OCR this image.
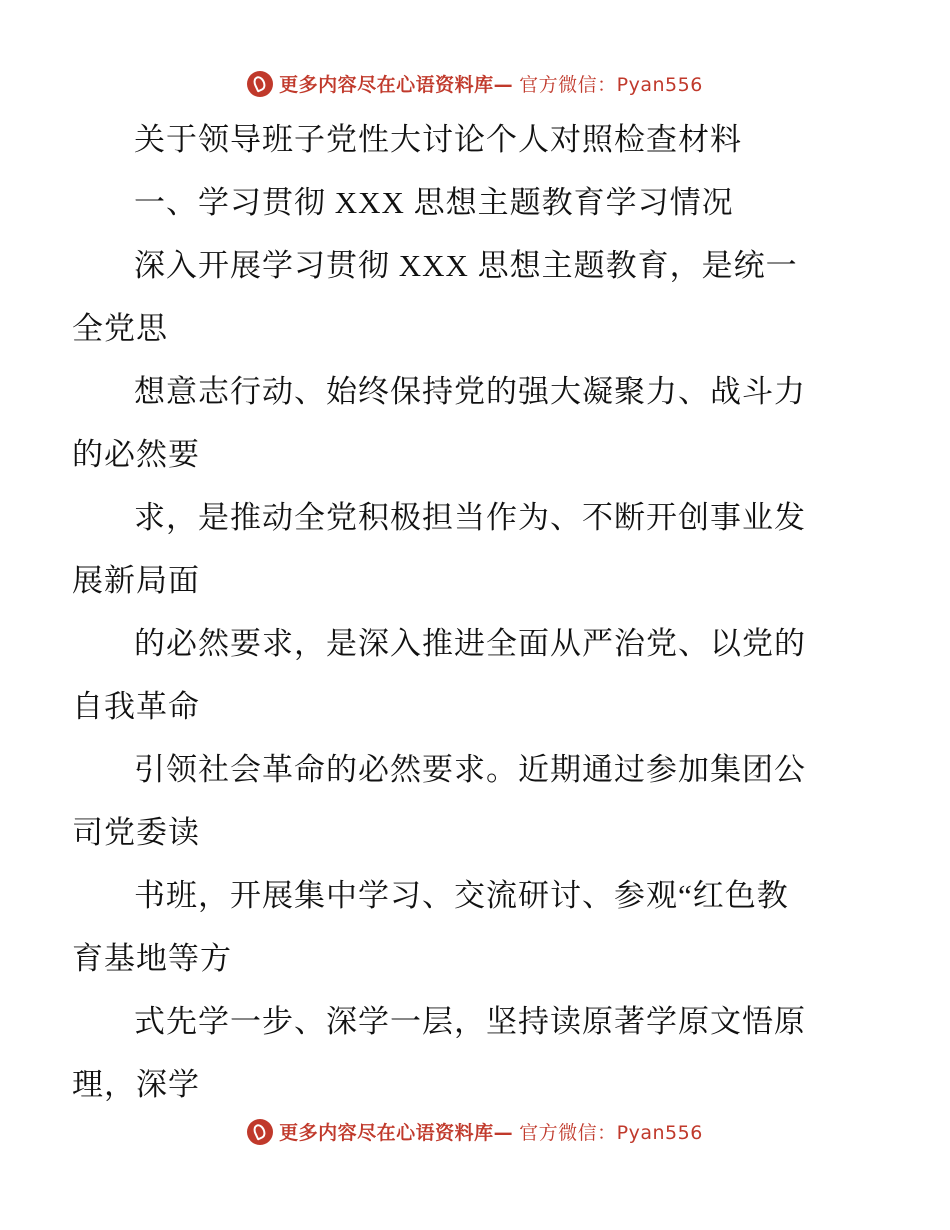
更多内容尽在心语资料库— 官方微信：Pyan556
关于领导班子党性大讨论个人对照检查材料
一、学习贯彻 XXX 思想主题教育学习情况
深入开展学习贯彻 XXX 思想主题教育，是统一
全党思
想意志行动、始终保持党的强大凝聚力、战斗力
的必然要
求，是推动全党积极担当作为、不断开创事业发
展新局面
的必然要求，是深入推进全面从严治党、以党的
自我革命
引领社会革命的必然要求。近期通过参加集团公
司党委读
书班，开展集中学习、交流研讨、参观“红色教
育基地等方
式先学一步、深学一层，坚持读原著学原文悟原
理，深学
更多内容尽在心语资料库— 官方微信：Pyan556
